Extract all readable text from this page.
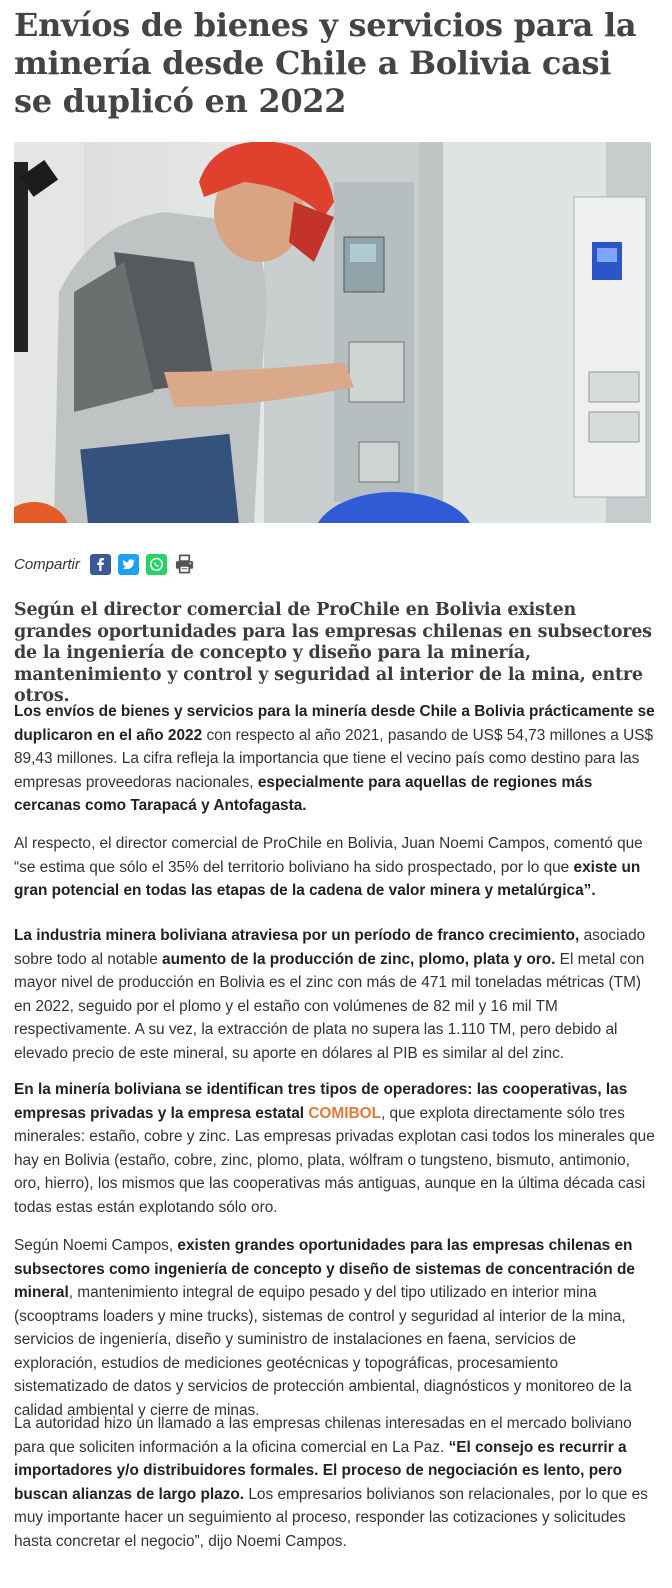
Envíos de bienes y servicios para la minería desde Chile a Bolivia casi se duplicó en 2022
Compartir

Según el director comercial de ProChile en Bolivia existen grandes oportunidades para las empresas chilenas en subsectores de la ingeniería de concepto y diseño para la minería, mantenimiento y control y seguridad al interior de la mina, entre otros.

Los envíos de bienes y servicios para la minería desde Chile a Bolivia prácticamente se duplicaron en el año 2022 con respecto al año 2021, pasando de US$ 54,73 millones a US$ 89,43 millones. La cifra refleja la importancia que tiene el vecino país como destino para las empresas proveedoras nacionales, especialmente para aquellas de regiones más cercanas como Tarapacá y Antofagasta.

Al respecto, el director comercial de ProChile en Bolivia, Juan Noemi Campos, comentó que “se estima que sólo el 35% del territorio boliviano ha sido prospectado, por lo que existe un gran potencial en todas las etapas de la cadena de valor minera y metalúrgica”.

La industria minera boliviana atraviesa por un período de franco crecimiento, asociado sobre todo al notable aumento de la producción de zinc, plomo, plata y oro. El metal con mayor nivel de producción en Bolivia es el zinc con más de 471 mil toneladas métricas (TM) en 2022, seguido por el plomo y el estaño con volúmenes de 82 mil y 16 mil TM respectivamente. A su vez, la extracción de plata no supera las 1.110 TM, pero debido al elevado precio de este mineral, su aporte en dólares al PIB es similar al del zinc.

En la minería boliviana se identifican tres tipos de operadores: las cooperativas, las empresas privadas y la empresa estatal COMIBOL, que explota directamente sólo tres minerales: estaño, cobre y zinc. Las empresas privadas explotan casi todos los minerales que hay en Bolivia (estaño, cobre, zinc, plomo, plata, wólfram o tungsteno, bismuto, antimonio, oro, hierro), los mismos que las cooperativas más antiguas, aunque en la última década casi todas estas están explotando sólo oro.

Según Noemi Campos, existen grandes oportunidades para las empresas chilenas en subsectores como ingeniería de concepto y diseño de sistemas de concentración de mineral, mantenimiento integral de equipo pesado y del tipo utilizado en interior mina (scooptrams loaders y mine trucks), sistemas de control y seguridad al interior de la mina, servicios de ingeniería, diseño y suministro de instalaciones en faena, servicios de exploración, estudios de mediciones geotécnicas y topográficas, procesamiento sistematizado de datos y servicios de protección ambiental, diagnósticos y monitoreo de la calidad ambiental y cierre de minas.

La autoridad hizo un llamado a las empresas chilenas interesadas en el mercado boliviano para que soliciten información a la oficina comercial en La Paz. “El consejo es recurrir a importadores y/o distribuidores formales. El proceso de negociación es lento, pero buscan alianzas de largo plazo. Los empresarios bolivianos son relacionales, por lo que es muy importante hacer un seguimiento al proceso, responder las cotizaciones y solicitudes hasta concretar el negocio”, dijo Noemi Campos.
